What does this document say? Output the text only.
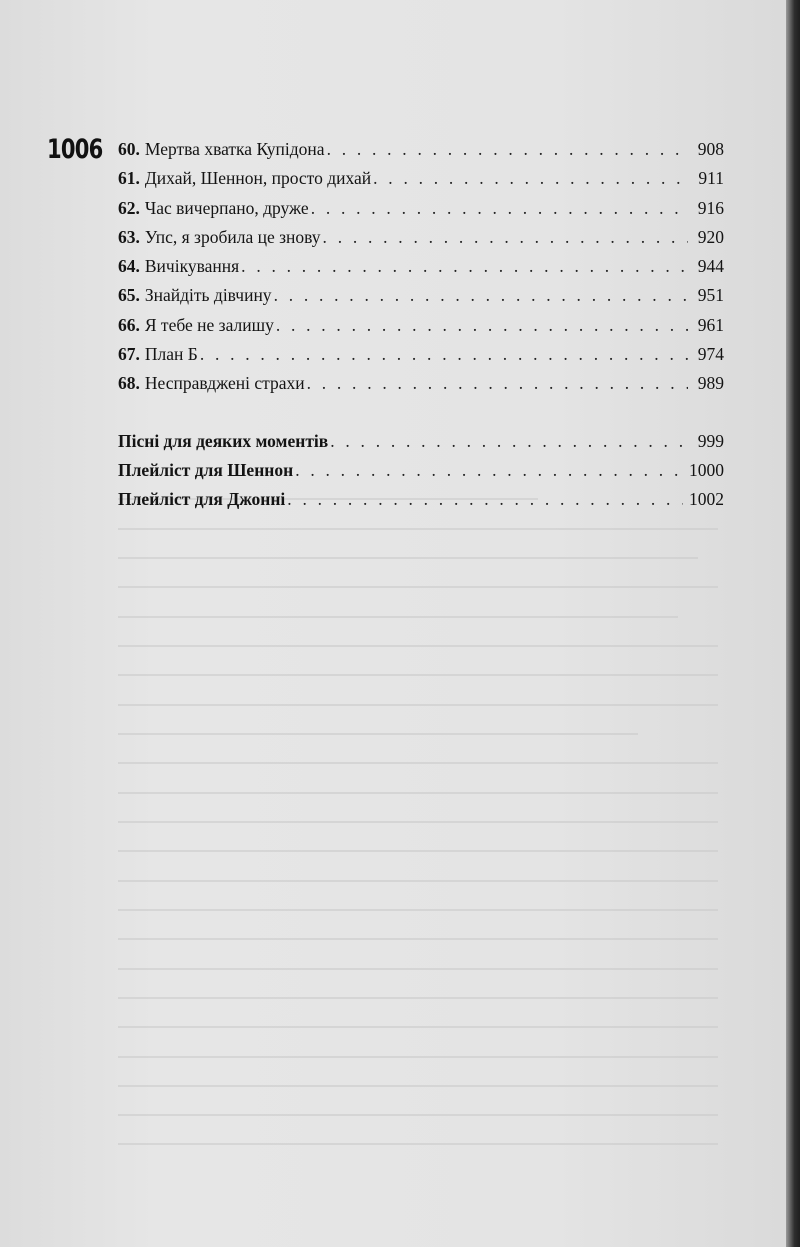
1006 60. Мертва хватка Купідона . . .	908
61. Дихай, Шеннон, просто дихай . . .	911
62. Час вичерпано, друже . . .	916
63. Упс, я зробила це знову . . .	920
64. Вичікування . . .	944
65. Знайдіть дівчину . . .	951
66. Я тебе не залишу . . .	961
67. План Б . . .	974
68. Несправджені страхи . . .	989
Пісні для деяких моментів . . .	999
Плейліст для Шеннон . . .	1000
Плейліст для Джонні . . .	1002
